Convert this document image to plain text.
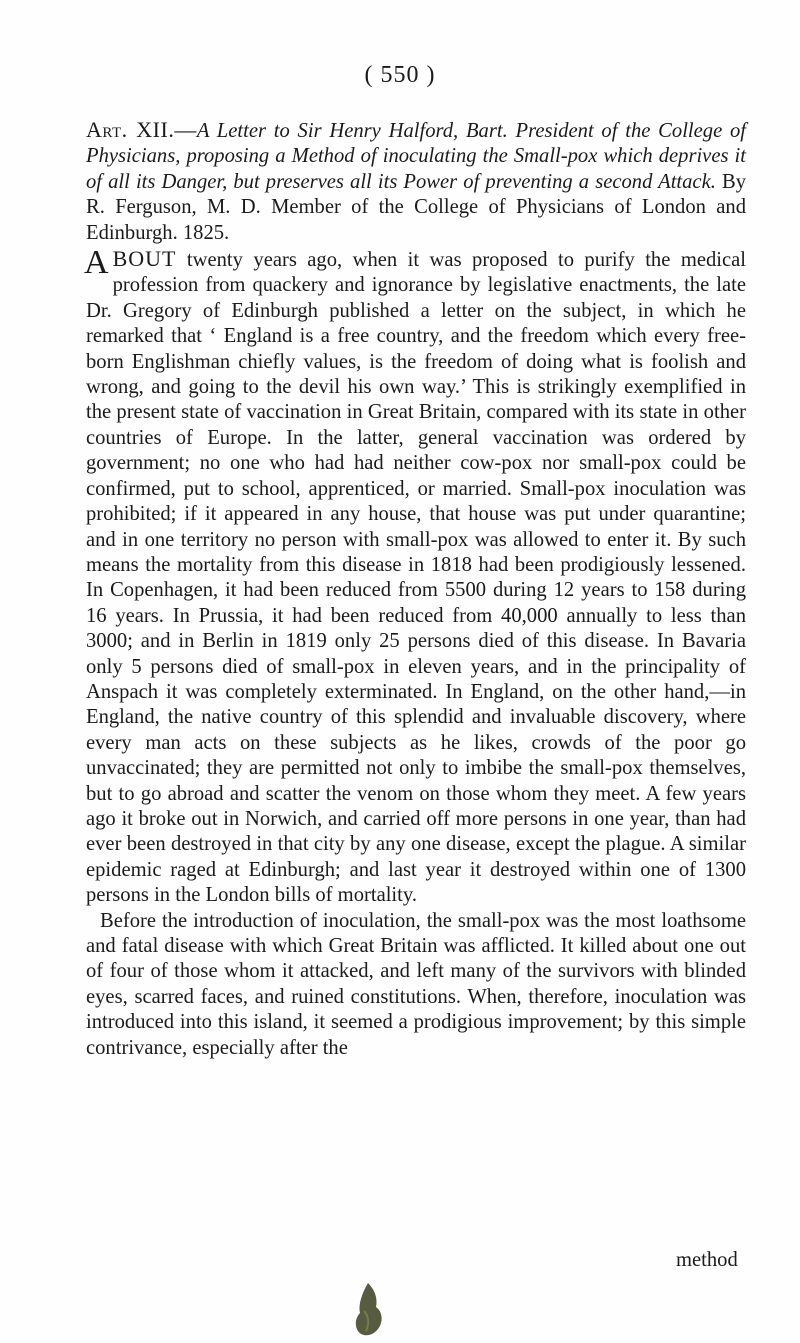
( 550 )

Art. XII.—A Letter to Sir Henry Halford, Bart. President of the College of Physicians, proposing a Method of inoculating the Small-pox which deprives it of all its Danger, but preserves all its Power of preventing a second Attack. By R. Ferguson, M. D. Member of the College of Physicians of London and Edinburgh. 1825.

ABOUT twenty years ago, when it was proposed to purify the medical profession from quackery and ignorance by legislative enactments, the late Dr. Gregory of Edinburgh published a letter on the subject, in which he remarked that ‘ England is a free country, and the freedom which every free-born Englishman chiefly values, is the freedom of doing what is foolish and wrong, and going to the devil his own way.’ This is strikingly exemplified in the present state of vaccination in Great Britain, compared with its state in other countries of Europe. In the latter, general vaccination was ordered by government; no one who had had neither cow-pox nor small-pox could be confirmed, put to school, apprenticed, or married. Small-pox inoculation was prohibited; if it appeared in any house, that house was put under quarantine; and in one territory no person with small-pox was allowed to enter it. By such means the mortality from this disease in 1818 had been prodigiously lessened. In Copenhagen, it had been reduced from 5500 during 12 years to 158 during 16 years. In Prussia, it had been reduced from 40,000 annually to less than 3000; and in Berlin in 1819 only 25 persons died of this disease. In Bavaria only 5 persons died of small-pox in eleven years, and in the principality of Anspach it was completely exterminated. In England, on the other hand,—in England, the native country of this splendid and invaluable discovery, where every man acts on these subjects as he likes, crowds of the poor go unvaccinated; they are permitted not only to imbibe the small-pox themselves, but to go abroad and scatter the venom on those whom they meet. A few years ago it broke out in Norwich, and carried off more persons in one year, than had ever been destroyed in that city by any one disease, except the plague. A similar epidemic raged at Edinburgh; and last year it destroyed within one of 1300 persons in the London bills of mortality.

Before the introduction of inoculation, the small-pox was the most loathsome and fatal disease with which Great Britain was afflicted. It killed about one out of four of those whom it attacked, and left many of the survivors with blinded eyes, scarred faces, and ruined constitutions. When, therefore, inoculation was introduced into this island, it seemed a prodigious improvement; by this simple contrivance, especially after the

method
